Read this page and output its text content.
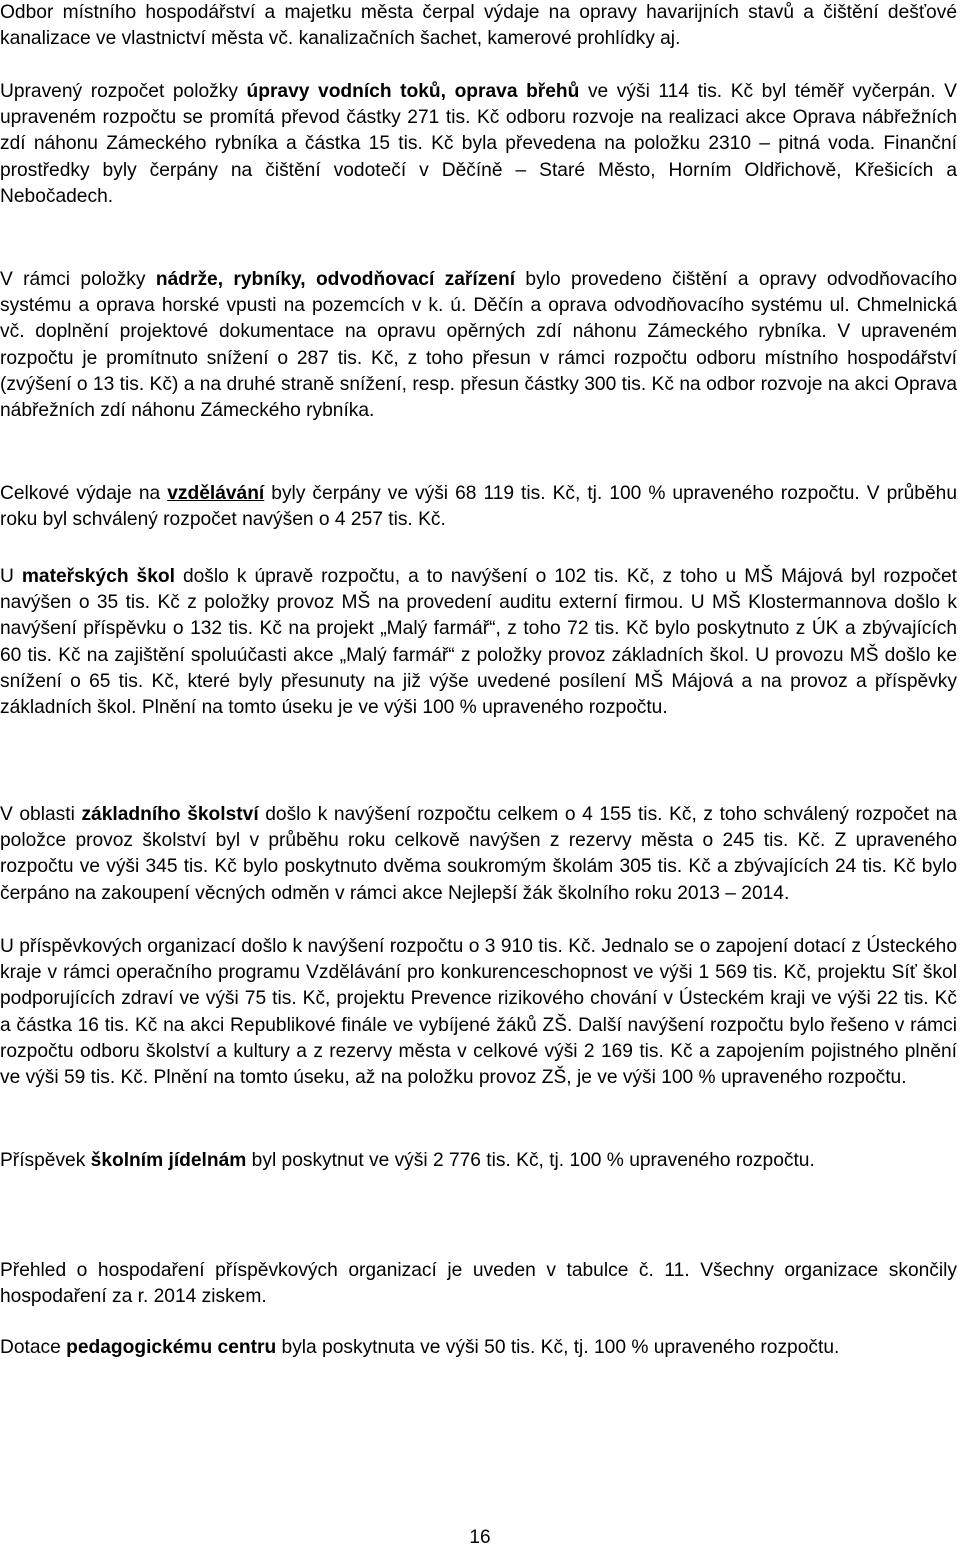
Odbor místního hospodářství a majetku města čerpal výdaje na opravy havarijních stavů a čištění dešťové kanalizace ve vlastnictví města vč. kanalizačních šachet, kamerové prohlídky aj.

Upravený rozpočet položky úpravy vodních toků, oprava břehů ve výši 114 tis. Kč byl téměř vyčerpán. V upraveném rozpočtu se promítá převod částky 271 tis. Kč odboru rozvoje na realizaci akce Oprava nábřežních zdí náhonu Zámeckého rybníka a částka 15 tis. Kč byla převedena na položku 2310 – pitná voda. Finanční prostředky byly čerpány na čištění vodotečí v Děčíně – Staré Město, Horním Oldřichově, Křešicích a Nebočadech.

V rámci položky nádrže, rybníky, odvodňovací zařízení bylo provedeno čištění a opravy odvodňovacího systému a oprava horské vpusti na pozemcích v k. ú. Děčín a oprava odvodňovacího systému ul. Chmelnická vč. doplnění projektové dokumentace na opravu opěrných zdí náhonu Zámeckého rybníka. V upraveném rozpočtu je promítnuto snížení o 287 tis. Kč, z toho přesun v rámci rozpočtu odboru místního hospodářství (zvýšení o 13 tis. Kč) a na druhé straně snížení, resp. přesun částky 300 tis. Kč na odbor rozvoje na akci Oprava nábřežních zdí náhonu Zámeckého rybníka.

Celkové výdaje na vzdělávání byly čerpány ve výši 68 119 tis. Kč, tj. 100 % upraveného rozpočtu. V průběhu roku byl schválený rozpočet navýšen o 4 257 tis. Kč.

U mateřských škol došlo k úpravě rozpočtu, a to navýšení o 102 tis. Kč, z toho u MŠ Májová byl rozpočet navýšen o 35 tis. Kč z položky provoz MŠ na provedení auditu externí firmou. U MŠ Klostermannova došlo k navýšení příspěvku o 132 tis. Kč na projekt „Malý farmář“, z toho 72 tis. Kč bylo poskytnuto z ÚK a zbývajících 60 tis. Kč na zajištění spoluúčasti akce „Malý farmář“ z položky provoz základních škol. U provozu MŠ došlo ke snížení o 65 tis. Kč, které byly přesunuty na již výše uvedené posílení MŠ Májová a na provoz a příspěvky základních škol. Plnění na tomto úseku je ve výši 100 % upraveného rozpočtu.

V oblasti základního školství došlo k navýšení rozpočtu celkem o 4 155 tis. Kč, z toho schválený rozpočet na položce provoz školství byl v průběhu roku celkově navýšen z rezervy města o 245 tis. Kč. Z upraveného rozpočtu ve výši 345 tis. Kč bylo poskytnuto dvěma soukromým školám 305 tis. Kč a zbývajících 24 tis. Kč bylo čerpáno na zakoupení věcných odměn v rámci akce Nejlepší žák školního roku 2013 – 2014.

U příspěvkových organizací došlo k navýšení rozpočtu o 3 910 tis. Kč. Jednalo se o zapojení dotací z Ústeckého kraje v rámci operačního programu Vzdělávání pro konkurenceschopnost ve výši 1 569 tis. Kč, projektu Síť škol podporujících zdraví ve výši 75 tis. Kč, projektu Prevence rizikového chování v Ústeckém kraji ve výši 22 tis. Kč a částka 16 tis. Kč na akci Republikové finále ve vybíjené žáků ZŠ. Další navýšení rozpočtu bylo řešeno v rámci rozpočtu odboru školství a kultury a z rezervy města v celkové výši 2 169 tis. Kč a zapojením pojistného plnění ve výši 59 tis. Kč. Plnění na tomto úseku, až na položku provoz ZŠ, je ve výši 100 % upraveného rozpočtu.

Příspěvek školním jídelnám byl poskytnut ve výši 2 776 tis. Kč, tj. 100 % upraveného rozpočtu.

Přehled o hospodaření příspěvkových organizací je uveden v tabulce č. 11. Všechny organizace skončily hospodaření za r. 2014 ziskem.

Dotace pedagogickému centru byla poskytnuta ve výši 50 tis. Kč, tj. 100 % upraveného rozpočtu.

16
